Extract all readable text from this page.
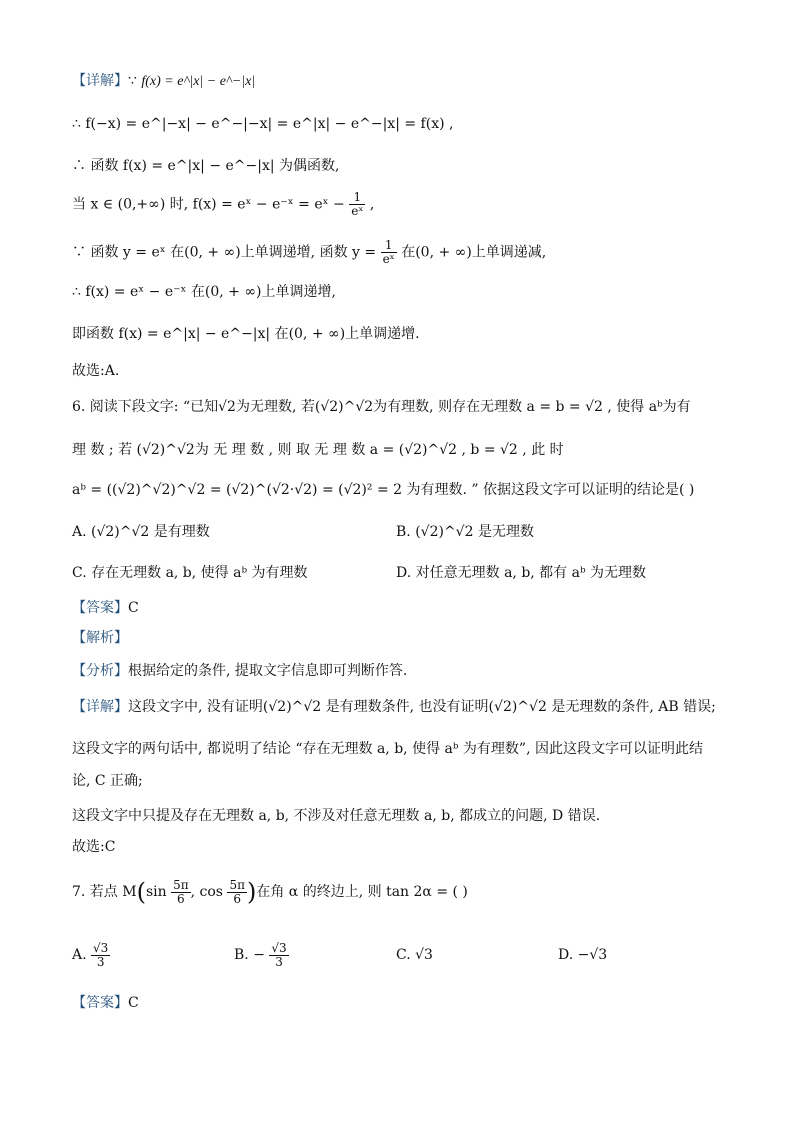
【详解】∵ f(x) = e^|x| − e^−|x|
∴ f(−x) = e^|−x| − e^−|−x| = e^|x| − e^−|x| = f(x) ,
∴ 函数 f(x) = e^|x| − e^−|x| 为偶函数,
当 x ∈ (0,+∞) 时, f(x) = eˣ − e⁻ˣ = eˣ − $\frac{1}{\text{eˣ}}$ ,
∵ 函数 y = eˣ 在(0, + ∞)上单调递增, 函数 $y = \frac{1}{\text{eˣ}}$ 在(0, + ∞)上单调递减,
∴ f(x) = eˣ − e⁻ˣ 在(0, + ∞)上单调递增,
即函数 f(x) = e^|x| − e^−|x| 在(0, + ∞)上单调递增.
故选:A.
6. 阅读下段文字: “已知√2为无理数, 若(√2)^√2为有理数, 则存在无理数 a = b = √2 , 使得 aᵇ为有
理 数 ; 若 (√2)^√2为 无 理 数 , 则 取 无 理 数 a = (√2)^√2 , b = √2 , 此 时
aᵇ = ((√2)^√2)^√2 = (√2)^(√2·√2) = (√2)² = 2 为有理数. ” 依据这段文字可以证明的结论是( )
A. (√2)^√2 是有理数	B. (√2)^√2 是无理数
C. 存在无理数 a, b, 使得 aᵇ 为有理数	D. 对任意无理数 a, b, 都有 aᵇ 为无理数
【答案】C
【解析】
【分析】根据给定的条件, 提取文字信息即可判断作答.
【详解】这段文字中, 没有证明(√2)^√2 是有理数条件, 也没有证明(√2)^√2 是无理数的条件, AB 错误;
这段文字的两句话中, 都说明了结论 “存在无理数 a, b, 使得 aᵇ 为有理数”, 因此这段文字可以证明此结
论, C 正确;
这段文字中只提及存在无理数 a, b, 不涉及对任意无理数 a, b, 都成立的问题, D 错误.
故选:C
7. 若点 $M(\sin \frac{5\pi}{6}$ , $\cos \frac{5\pi}{6}$ )在角 α 的终边上, 则 tan 2α = ( )
A. $\frac{√3}{3}$	B. − $\frac{√3}{3}$	C. √3	D. −√3
【答案】C
